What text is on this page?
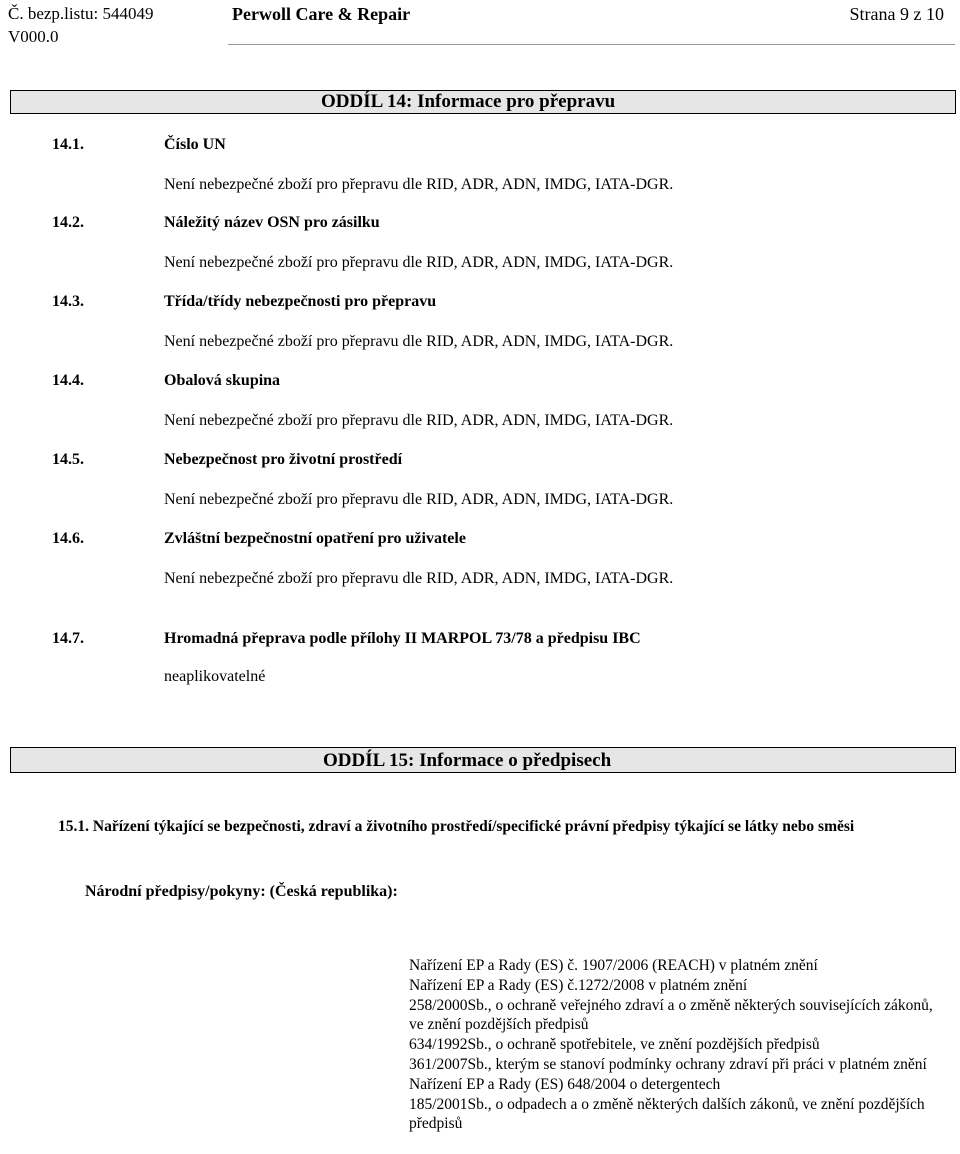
Č. bezp.listu: 544049
V000.0
Perwoll Care & Repair	Strana 9 z 10
ODDÍL 14: Informace pro přepravu
14.1.	Číslo UN
Není nebezpečné zboží pro přepravu dle RID, ADR, ADN, IMDG, IATA-DGR.
14.2.	Náležitý název OSN pro zásilku
Není nebezpečné zboží pro přepravu dle RID, ADR, ADN, IMDG, IATA-DGR.
14.3.	Třída/třídy nebezpečnosti pro přepravu
Není nebezpečné zboží pro přepravu dle RID, ADR, ADN, IMDG, IATA-DGR.
14.4.	Obalová skupina
Není nebezpečné zboží pro přepravu dle RID, ADR, ADN, IMDG, IATA-DGR.
14.5.	Nebezpečnost pro životní prostředí
Není nebezpečné zboží pro přepravu dle RID, ADR, ADN, IMDG, IATA-DGR.
14.6.	Zvláštní bezpečnostní opatření pro uživatele
Není nebezpečné zboží pro přepravu dle RID, ADR, ADN, IMDG, IATA-DGR.
14.7.	Hromadná přeprava podle přílohy II MARPOL 73/78 a předpisu IBC
neaplikovatelné
ODDÍL 15: Informace o předpisech
15.1. Nařízení týkající se bezpečnosti, zdraví a životního prostředí/specifické právní předpisy týkající se látky nebo směsi
Národní předpisy/pokyny: (Česká republika):
Nařízení EP a Rady (ES) č. 1907/2006 (REACH) v platném znění
Nařízení EP a Rady (ES) č.1272/2008 v platném znění
258/2000Sb., o ochraně veřejného zdraví a o změně některých souvisejících zákonů, ve znění pozdějších předpisů
634/1992Sb., o ochraně spotřebitele, ve znění pozdějších předpisů
361/2007Sb., kterým se stanoví podmínky ochrany zdraví při práci v platném znění
Nařízení EP a Rady (ES) 648/2004 o detergentech
185/2001Sb., o odpadech a o změně některých dalších zákonů, ve znění pozdějších předpisů
